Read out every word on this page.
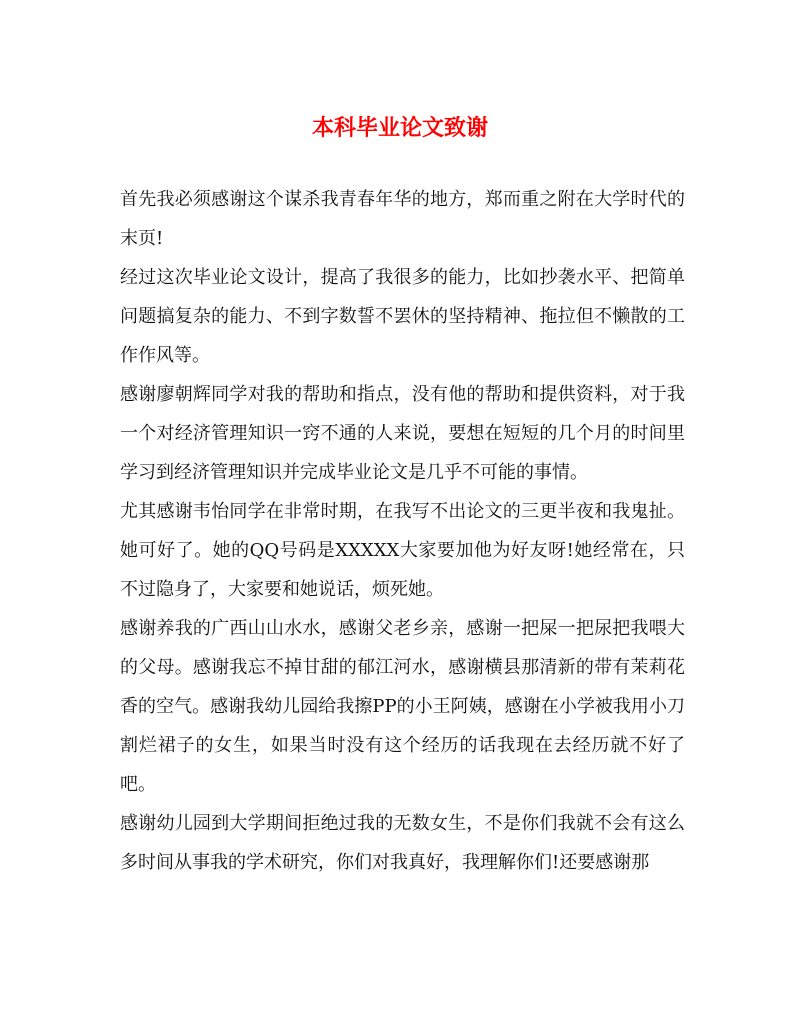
本科毕业论文致谢

首先我必须感谢这个谋杀我青春年华的地方，郑而重之附在大学时代的末页!

经过这次毕业论文设计，提高了我很多的能力，比如抄袭水平、把简单问题搞复杂的能力、不到字数誓不罢休的坚持精神、拖拉但不懒散的工作作风等。

感谢廖朝辉同学对我的帮助和指点，没有他的帮助和提供资料，对于我一个对经济管理知识一窍不通的人来说，要想在短短的几个月的时间里学习到经济管理知识并完成毕业论文是几乎不可能的事情。

尤其感谢韦怡同学在非常时期，在我写不出论文的三更半夜和我鬼扯。她可好了。她的QQ号码是XXXXX大家要加他为好友呀!她经常在，只不过隐身了，大家要和她说话，烦死她。

感谢养我的广西山山水水，感谢父老乡亲，感谢一把屎一把尿把我喂大的父母。感谢我忘不掉甘甜的郁江河水，感谢横县那清新的带有茉莉花香的空气。感谢我幼儿园给我擦PP的小王阿姨，感谢在小学被我用小刀割烂裙子的女生，如果当时没有这个经历的话我现在去经历就不好了吧。

感谢幼儿园到大学期间拒绝过我的无数女生，不是你们我就不会有这么多时间从事我的学术研究，你们对我真好，我理解你们!还要感谢那
